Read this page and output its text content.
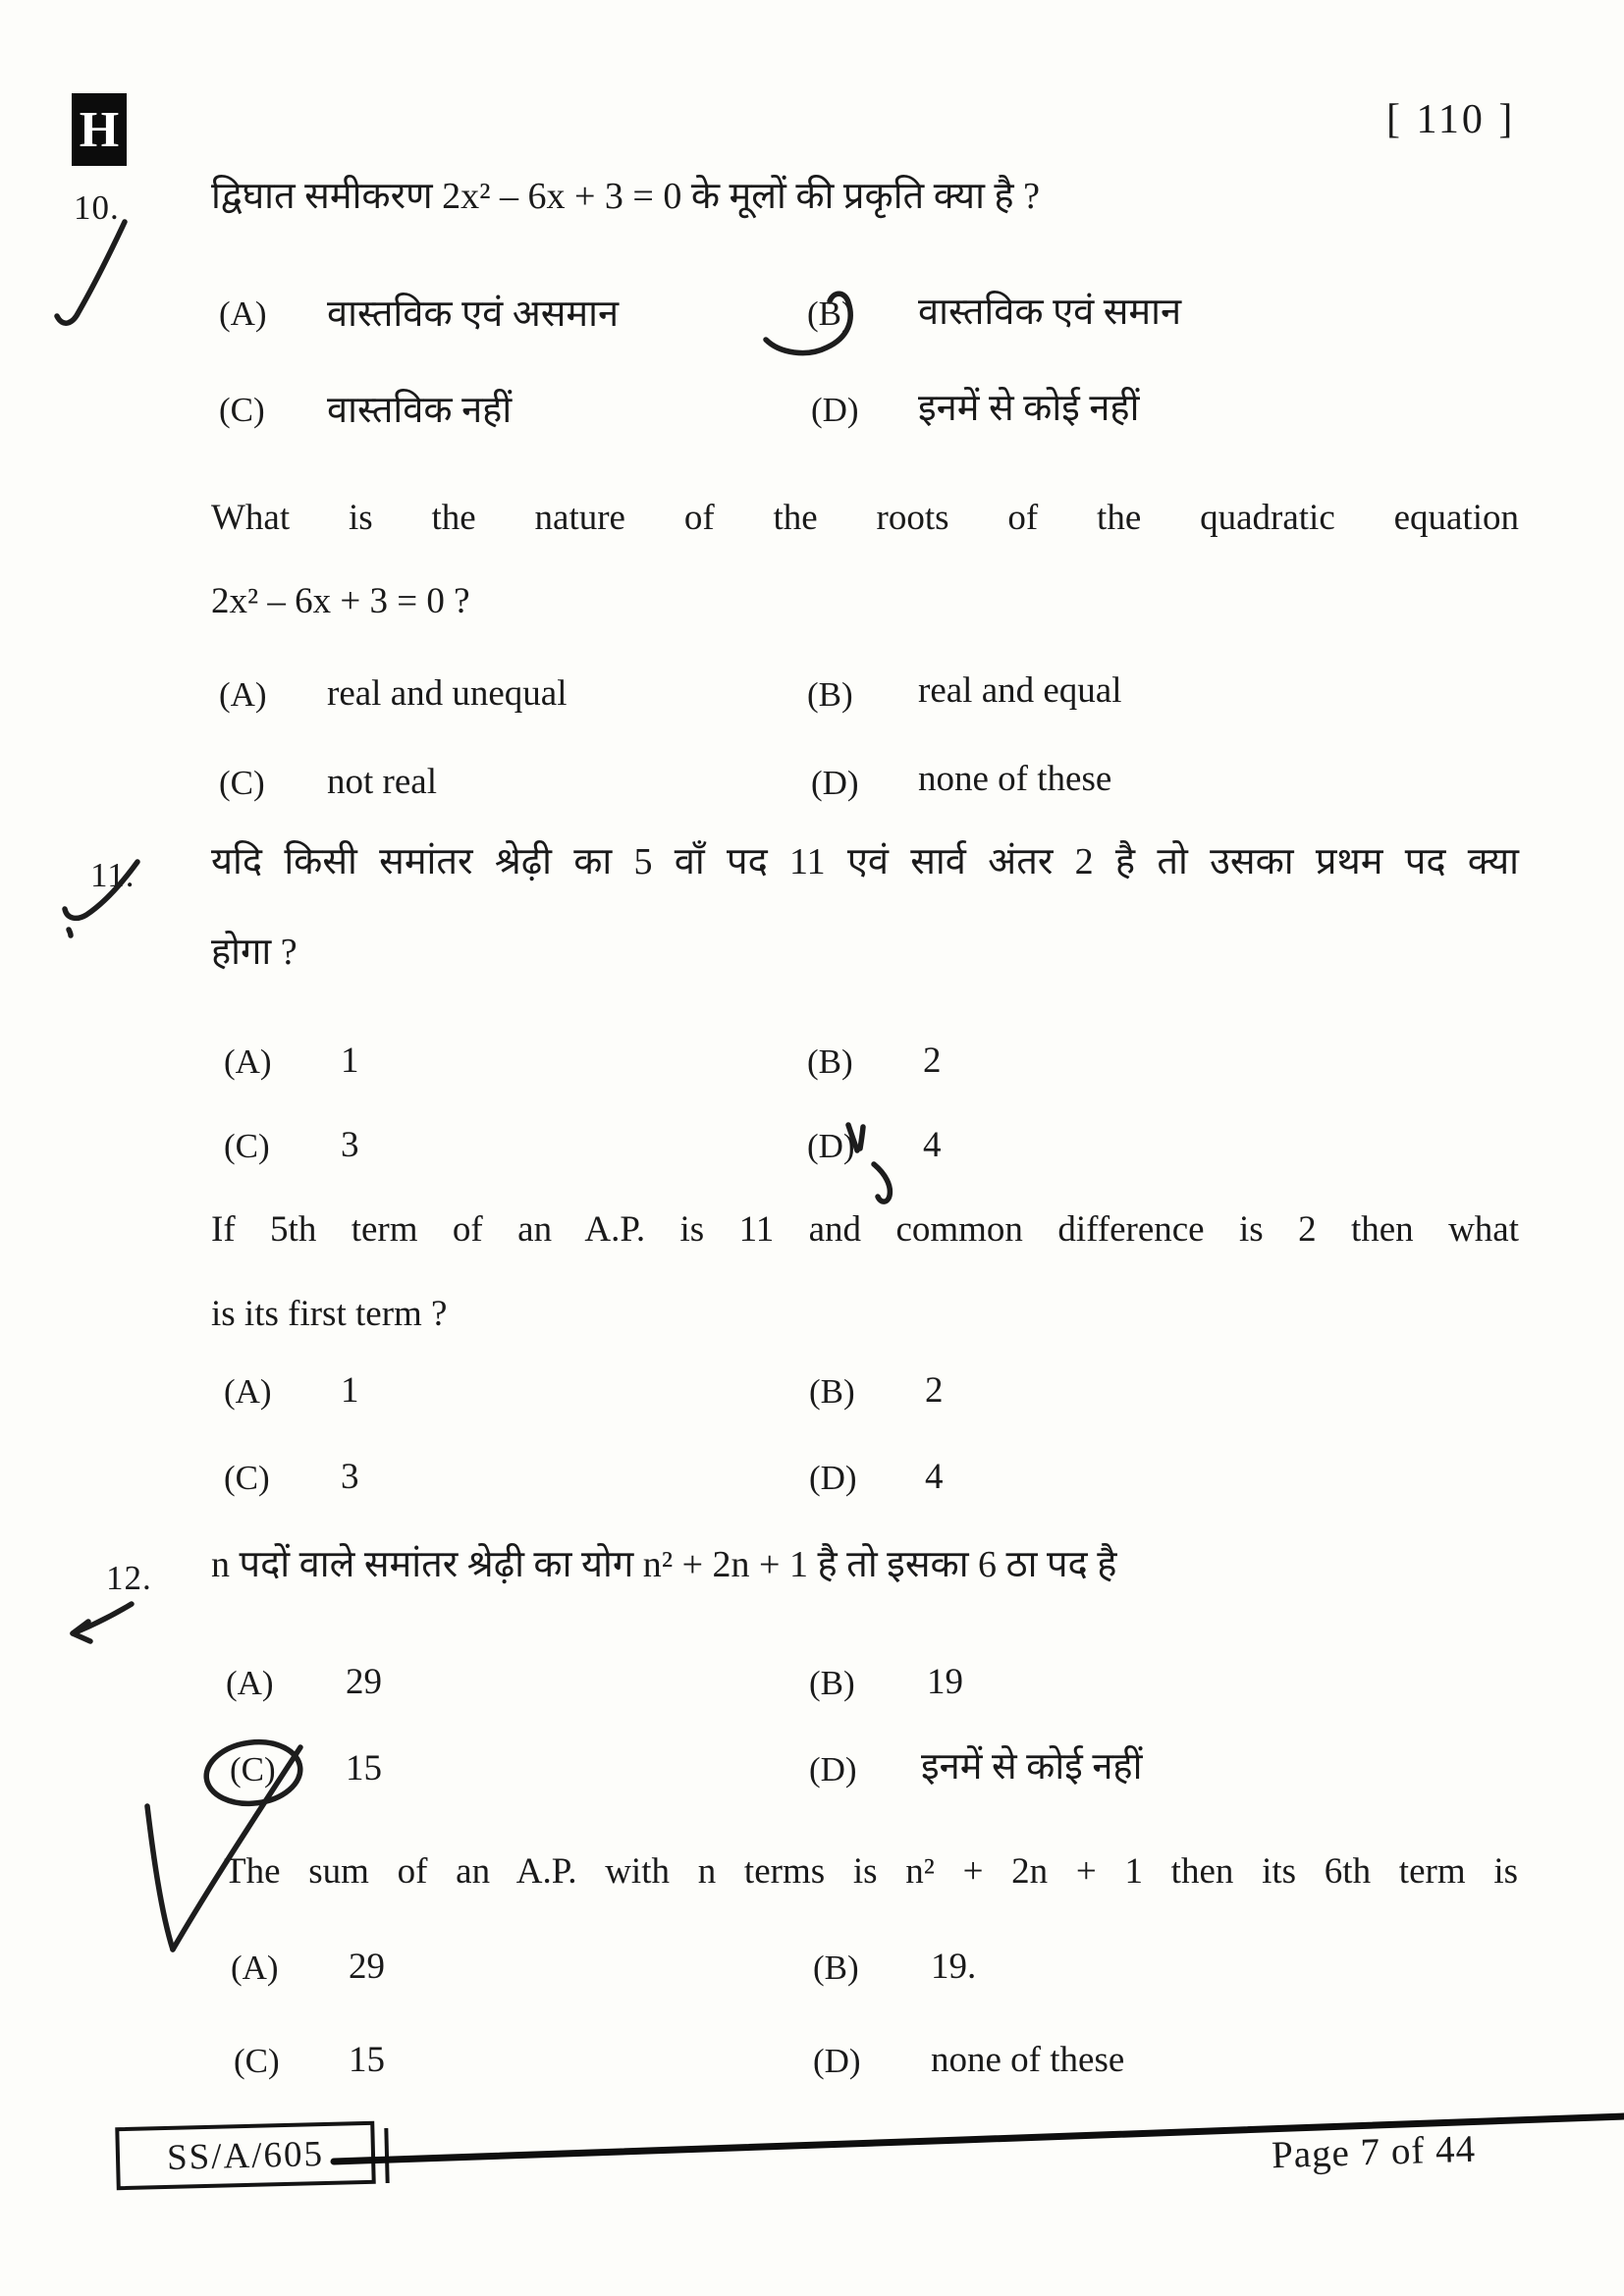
H	[ 110 ]
10. द्विघात समीकरण 2x² – 6x + 3 = 0 के मूलों की प्रकृति क्या है ?
(A) वास्तविक एवं असमान	(B) वास्तविक एवं समान
(C) वास्तविक नहीं	(D) इनमें से कोई नहीं
What is the nature of the roots of the quadratic equation
2x² – 6x + 3 = 0 ?
(A) real and unequal	(B) real and equal
(C) not real	(D) none of these
11. यदि किसी समांतर श्रेढ़ी का 5 वाँ पद 11 एवं सार्व अंतर 2 है तो उसका प्रथम पद क्या
होगा ?
(A) 1	(B) 2
(C) 3	(D) 4
If 5th term of an A.P. is 11 and common difference is 2 then what
is its first term ?
(A) 1	(B) 2
(C) 3	(D) 4
12. n पदों वाले समांतर श्रेढ़ी का योग n² + 2n + 1 है तो इसका 6 ठा पद है
(A) 29	(B) 19
(C) 15	(D) इनमें से कोई नहीं
The sum of an A.P. with n terms is n² + 2n + 1 then its 6th term is
(A) 29	(B) 19.
(C) 15	(D) none of these
SS/A/605	Page 7 of 44
